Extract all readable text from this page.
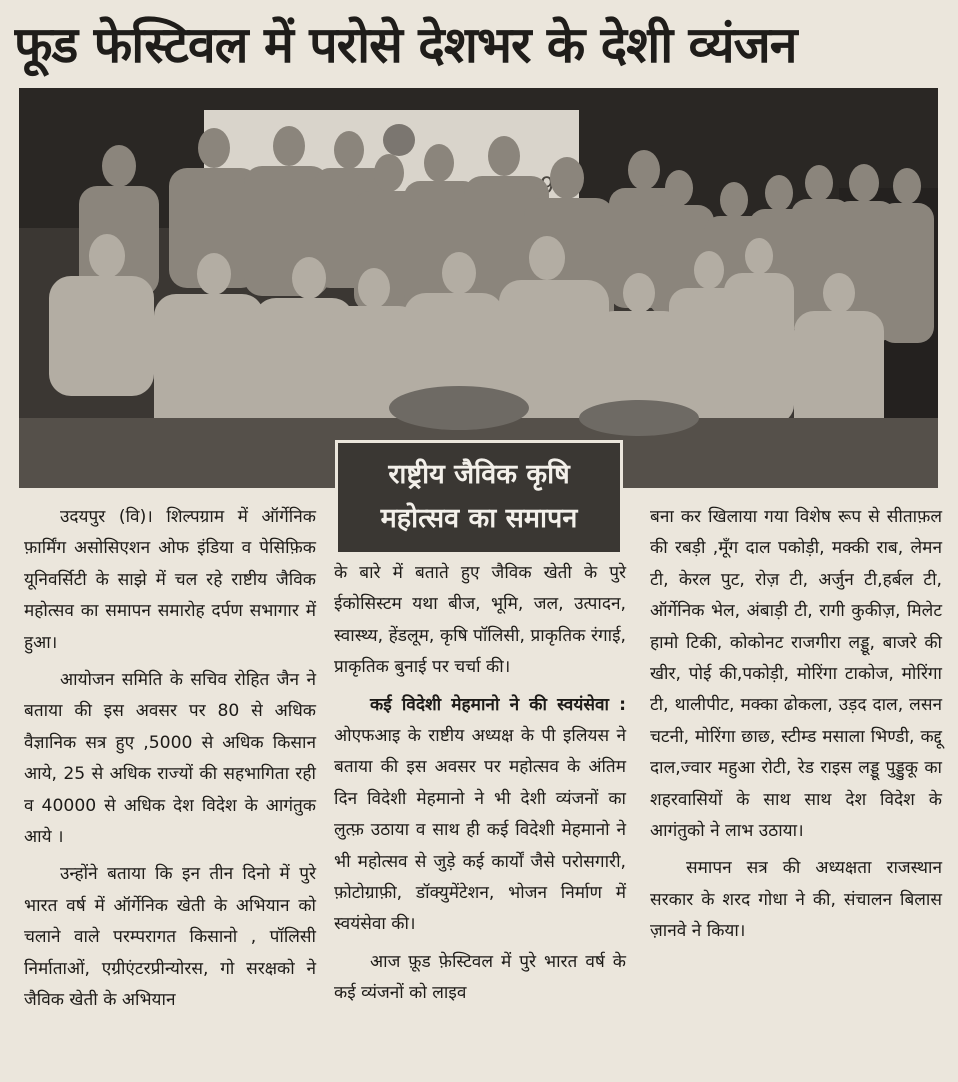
फूड फेस्टिवल में परोसे देशभर के देशी व्यंजन
राष्ट्रीय जैविक कृषि
महोत्सव का समापन

उदयपुर (वि)। शिल्पग्राम में ऑर्गेनिक फ़ार्मिंग असोसिएशन ओफ इंडिया व पेसिफ़िक यूनिवर्सिटी के साझे में चल रहे राष्टीय जैविक महोत्सव का समापन समारोह दर्पण सभागार में हुआ।

आयोजन समिति के सचिव रोहित जैन ने बताया की इस अवसर पर 80 से अधिक वैज्ञानिक सत्र हुए ,5000 से अधिक किसान आये, 25 से अधिक राज्यों की सहभागिता रही व 40000 से अधिक देश विदेश के आगंतुक आये ।

उन्होंने बताया कि इन तीन दिनो में पुरे भारत वर्ष में ऑर्गेनिक खेती के अभियान को चलाने वाले परम्परागत किसानो , पॉलिसी निर्माताओं, एग्रीएंटरप्रीन्योरस, गो सरक्षको ने जैविक खेती के अभियान

के बारे में बताते हुए जैविक खेती के पुरे ईकोसिस्टम यथा बीज, भूमि, जल, उत्पादन, स्वास्थ्य, हेंडलूम, कृषि पॉलिसी, प्राकृतिक रंगाई, प्राकृतिक बुनाई पर चर्चा की।

कई विदेशी मेहमानो ने की स्वयंसेवा : ओएफआइ के राष्टीय अध्यक्ष के पी इलियस ने बताया की इस अवसर पर महोत्सव के अंतिम दिन विदेशी मेहमानो ने भी देशी व्यंजनों का लुत्फ़ उठाया व साथ ही कई विदेशी मेहमानो ने भी महोत्सव से जुड़े कई कार्यों जैसे परोसगारी, फ़ोटोग्राफ़ी, डॉक्युमेंटेशन, भोजन निर्माण में स्वयंसेवा की।

आज फ़ूड फ़ेस्टिवल में पुरे भारत वर्ष के कई व्यंजनों को लाइव

बना कर खिलाया गया विशेष रूप से सीताफ़ल की रबड़ी ,मूँग दाल पकोड़ी, मक्की राब, लेमन टी, केरल पुट, रोज़ टी, अर्जुन टी,हर्बल टी, ऑर्गेनिक भेल, अंबाड़ी टी, रागी कुकीज़, मिलेट हामो टिकी, कोकोनट राजगीरा लड्डू, बाजरे की खीर, पोई की,पकोड़ी, मोरिंगा टाकोज, मोरिंगा टी, थालीपीट, मक्का ढोकला, उड़द दाल, लसन चटनी, मोरिंगा छाछ, स्टीम्ड मसाला भिण्डी, कद्दू दाल,ज्वार महुआ रोटी, रेड राइस लड्डू पुड्डुकू का शहरवासियों के साथ साथ देश विदेश के आगंतुको ने लाभ उठाया।

समापन सत्र की अध्यक्षता राजस्थान सरकार के शरद गोधा ने की, संचालन बिलास ज़ानवे ने किया।
